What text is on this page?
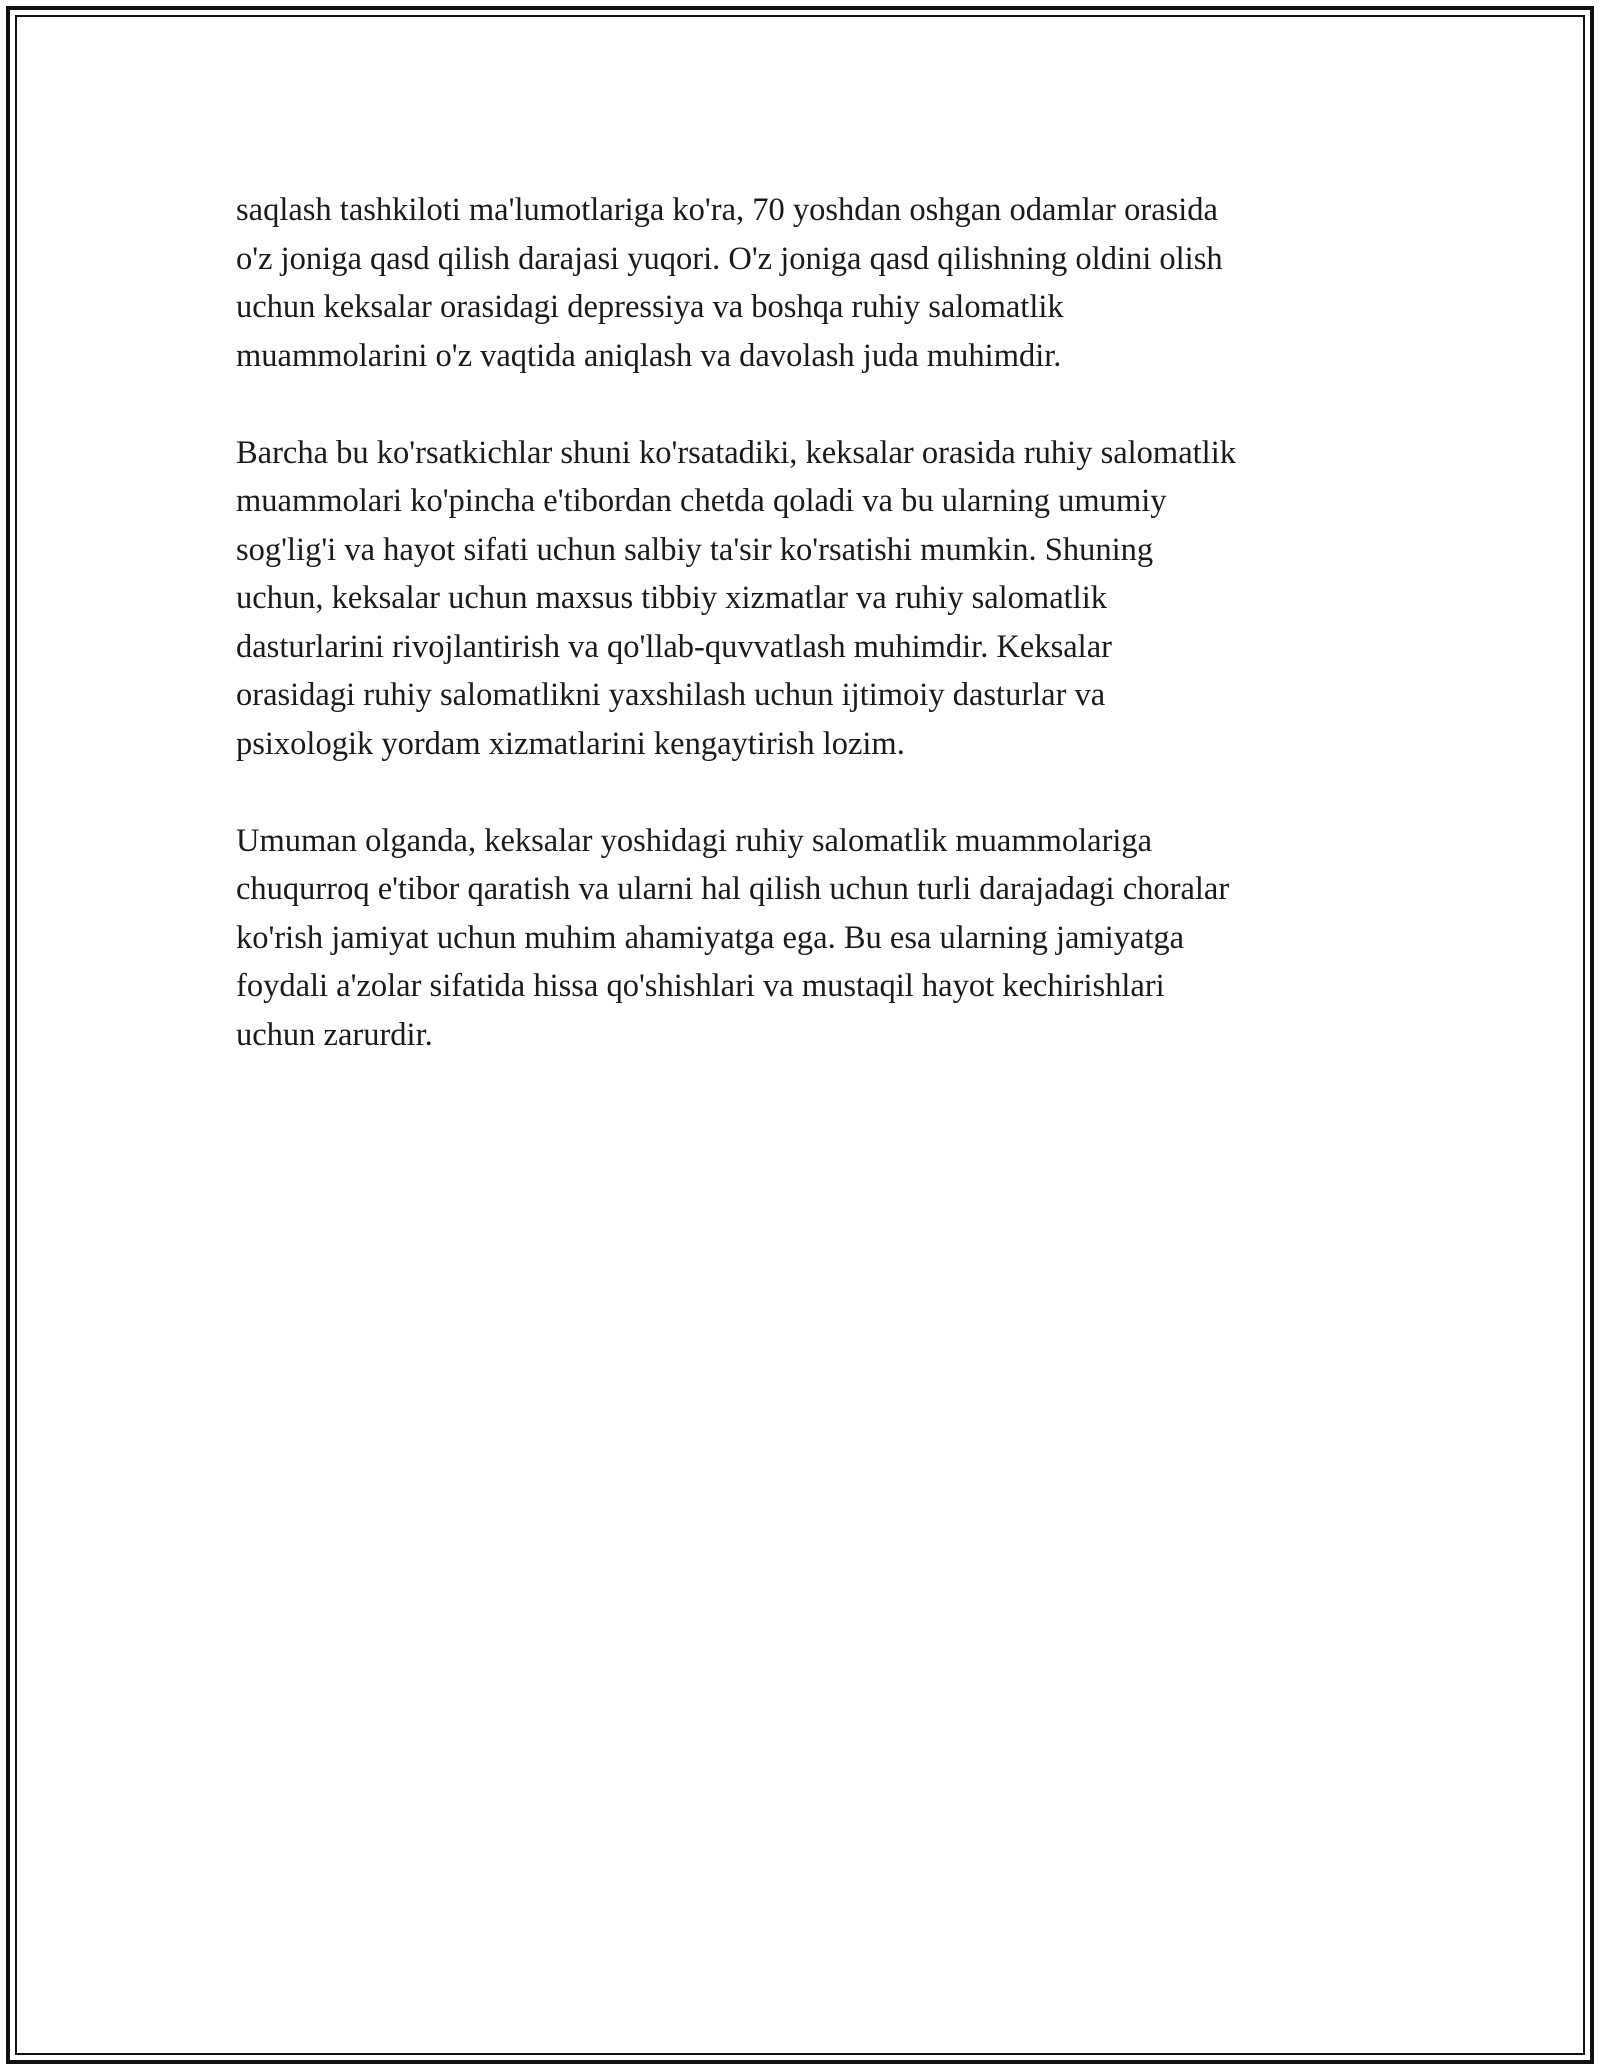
saqlash tashkiloti ma'lumotlariga ko'ra, 70 yoshdan oshgan odamlar orasida
o'z joniga qasd qilish darajasi yuqori. O'z joniga qasd qilishning oldini olish
uchun keksalar orasidagi depressiya va boshqa ruhiy salomatlik
muammolarini o'z vaqtida aniqlash va davolash juda muhimdir.

Barcha bu ko'rsatkichlar shuni ko'rsatadiki, keksalar orasida ruhiy salomatlik
muammolari ko'pincha e'tibordan chetda qoladi va bu ularning umumiy
sog'lig'i va hayot sifati uchun salbiy ta'sir ko'rsatishi mumkin. Shuning
uchun, keksalar uchun maxsus tibbiy xizmatlar va ruhiy salomatlik
dasturlarini rivojlantirish va qo'llab-quvvatlash muhimdir. Keksalar
orasidagi ruhiy salomatlikni yaxshilash uchun ijtimoiy dasturlar va
psixologik yordam xizmatlarini kengaytirish lozim.

Umuman olganda, keksalar yoshidagi ruhiy salomatlik muammolariga
chuqurroq e'tibor qaratish va ularni hal qilish uchun turli darajadagi choralar
ko'rish jamiyat uchun muhim ahamiyatga ega. Bu esa ularning jamiyatga
foydali a'zolar sifatida hissa qo'shishlari va mustaqil hayot kechirishlari
uchun zarurdir.
